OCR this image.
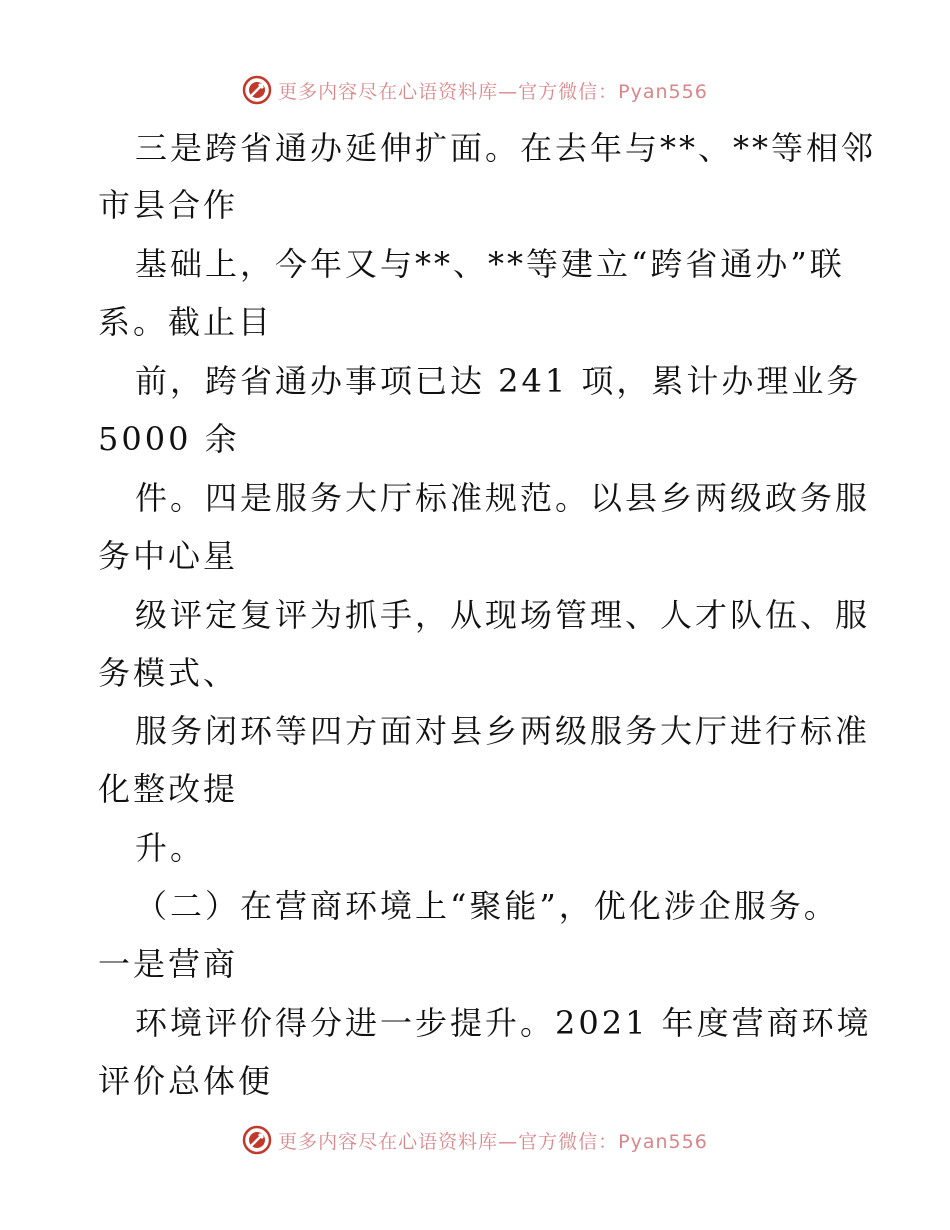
更多内容尽在心语资料库—官方微信：Pyan556
三是跨省通办延伸扩面。在去年与**、**等相邻
市县合作
基础上，今年又与**、**等建立“跨省通办”联
系。截止目
前，跨省通办事项已达 241 项，累计办理业务
5000 余
件。四是服务大厅标准规范。以县乡两级政务服
务中心星
级评定复评为抓手，从现场管理、人才队伍、服
务模式、
服务闭环等四方面对县乡两级服务大厅进行标准
化整改提
升。
（二）在营商环境上“聚能”，优化涉企服务。
一是营商
环境评价得分进一步提升。2021 年度营商环境
评价总体便
更多内容尽在心语资料库—官方微信：Pyan556
